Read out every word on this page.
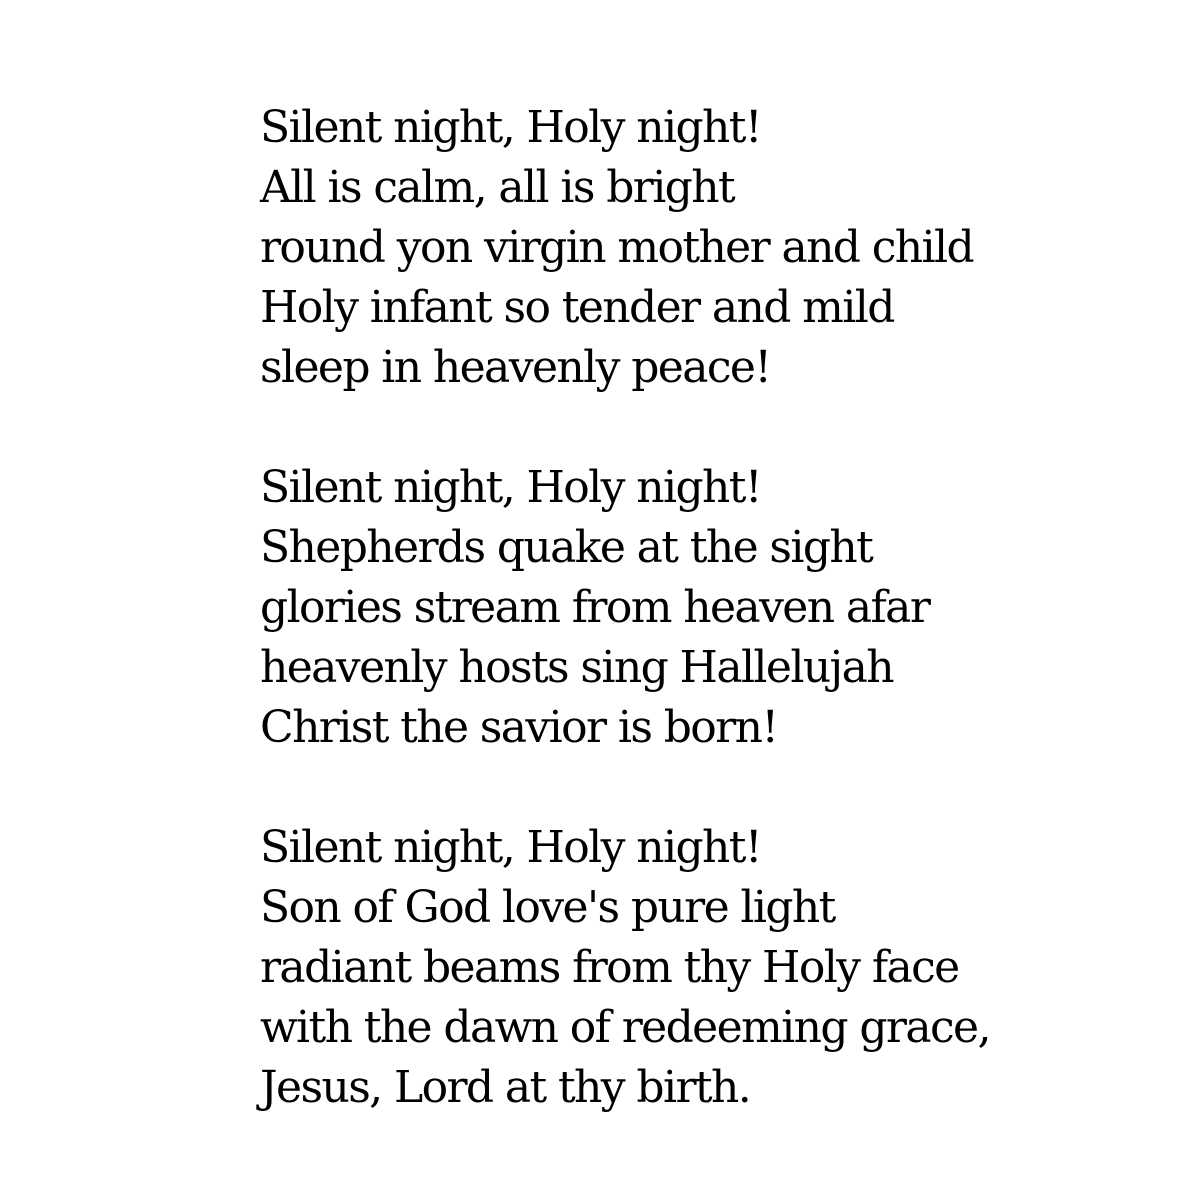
Silent night, Holy night!
All is calm, all is bright
round yon virgin mother and child
Holy infant so tender and mild
sleep in heavenly peace!
Silent night, Holy night!
Shepherds quake at the sight
glories stream from heaven afar
heavenly hosts sing Hallelujah
Christ the savior is born!
Silent night, Holy night!
Son of God love's pure light
radiant beams from thy Holy face
with the dawn of redeeming grace,
Jesus, Lord at thy birth.
